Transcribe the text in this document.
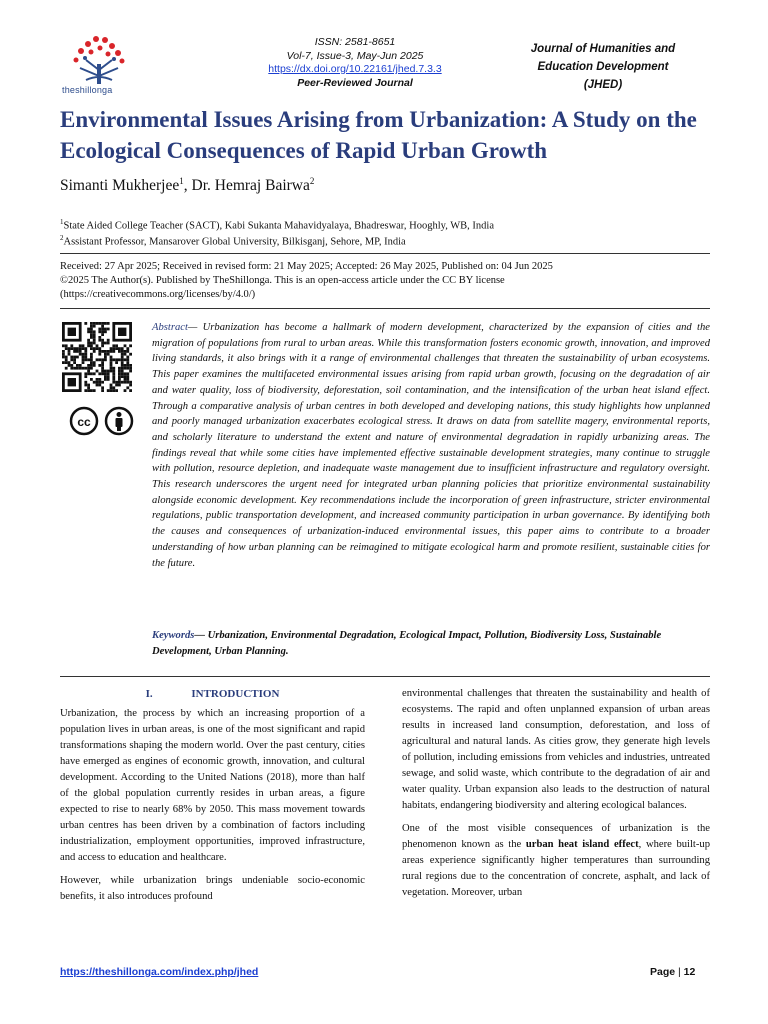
theshillonga
ISSN: 2581-8651
Vol-7, Issue-3, May-Jun 2025
https://dx.doi.org/10.22161/jhed.7.3.3
Peer-Reviewed Journal
Journal of Humanities and
Education Development
(JHED)
Environmental Issues Arising from Urbanization: A Study on the Ecological Consequences of Rapid Urban Growth
Simanti Mukherjee$^1$, Dr. Hemraj Bairwa$^2$
$^1$State Aided College Teacher (SACT), Kabi Sukanta Mahavidyalaya, Bhadreswar, Hooghly, WB, India
$^2$Assistant Professor, Mansarover Global University, Bilkisganj, Sehore, MP, India
Received: 27 Apr 2025; Received in revised form: 21 May 2025; Accepted: 26 May 2025, Published on: 04 Jun 2025
©2025 The Author(s). Published by TheShillonga. This is an open-access article under the CC BY license
(https://creativecommons.org/licenses/by/4.0/)
cc
Abstract— Urbanization has become a hallmark of modern development, characterized by the expansion of cities and the migration of populations from rural to urban areas. While this transformation fosters economic growth, innovation, and improved living standards, it also brings with it a range of environmental challenges that threaten the sustainability of urban ecosystems. This paper examines the multifaceted environmental issues arising from rapid urban growth, focusing on the degradation of air and water quality, loss of biodiversity, deforestation, soil contamination, and the intensification of the urban heat island effect. Through a comparative analysis of urban centres in both developed and developing nations, this study highlights how unplanned and poorly managed urbanization exacerbates ecological stress. It draws on data from satellite magery, environmental reports, and scholarly literature to understand the extent and nature of environmental degradation in rapidly urbanizing areas. The findings reveal that while some cities have implemented effective sustainable development strategies, many continue to struggle with pollution, resource depletion, and inadequate waste management due to insufficient infrastructure and regulatory oversight. This research underscores the urgent need for integrated urban planning policies that prioritize environmental sustainability alongside economic development. Key recommendations include the incorporation of green infrastructure, stricter environmental regulations, public transportation development, and increased community participation in urban governance. By identifying both the causes and consequences of urbanization-induced environmental issues, this paper aims to contribute to a broader understanding of how urban planning can be reimagined to mitigate ecological harm and promote resilient, sustainable cities for the future.
Keywords— Urbanization, Environmental Degradation, Ecological Impact, Pollution, Biodiversity Loss, Sustainable Development, Urban Planning.
I.	INTRODUCTION

Urbanization, the process by which an increasing proportion of a population lives in urban areas, is one of the most significant and rapid transformations shaping the modern world. Over the past century, cities have emerged as engines of economic growth, innovation, and cultural development. According to the United Nations (2018), more than half of the global population currently resides in urban areas, a figure expected to rise to nearly 68% by 2050. This mass movement towards urban centres has been driven by a combination of factors including industrialization, employment opportunities, improved infrastructure, and access to education and healthcare.

However, while urbanization brings undeniable socio-economic benefits, it also introduces profound

environmental challenges that threaten the sustainability and health of ecosystems. The rapid and often unplanned expansion of urban areas results in increased land consumption, deforestation, and loss of agricultural and natural lands. As cities grow, they generate high levels of pollution, including emissions from vehicles and industries, untreated sewage, and solid waste, which contribute to the degradation of air and water quality. Urban expansion also leads to the destruction of natural habitats, endangering biodiversity and altering ecological balances.

One of the most visible consequences of urbanization is the phenomenon known as the urban heat island effect, where built-up areas experience significantly higher temperatures than surrounding rural regions due to the concentration of concrete, asphalt, and lack of vegetation. Moreover, urban

https://theshillonga.com/index.php/jhed	Page | 12
